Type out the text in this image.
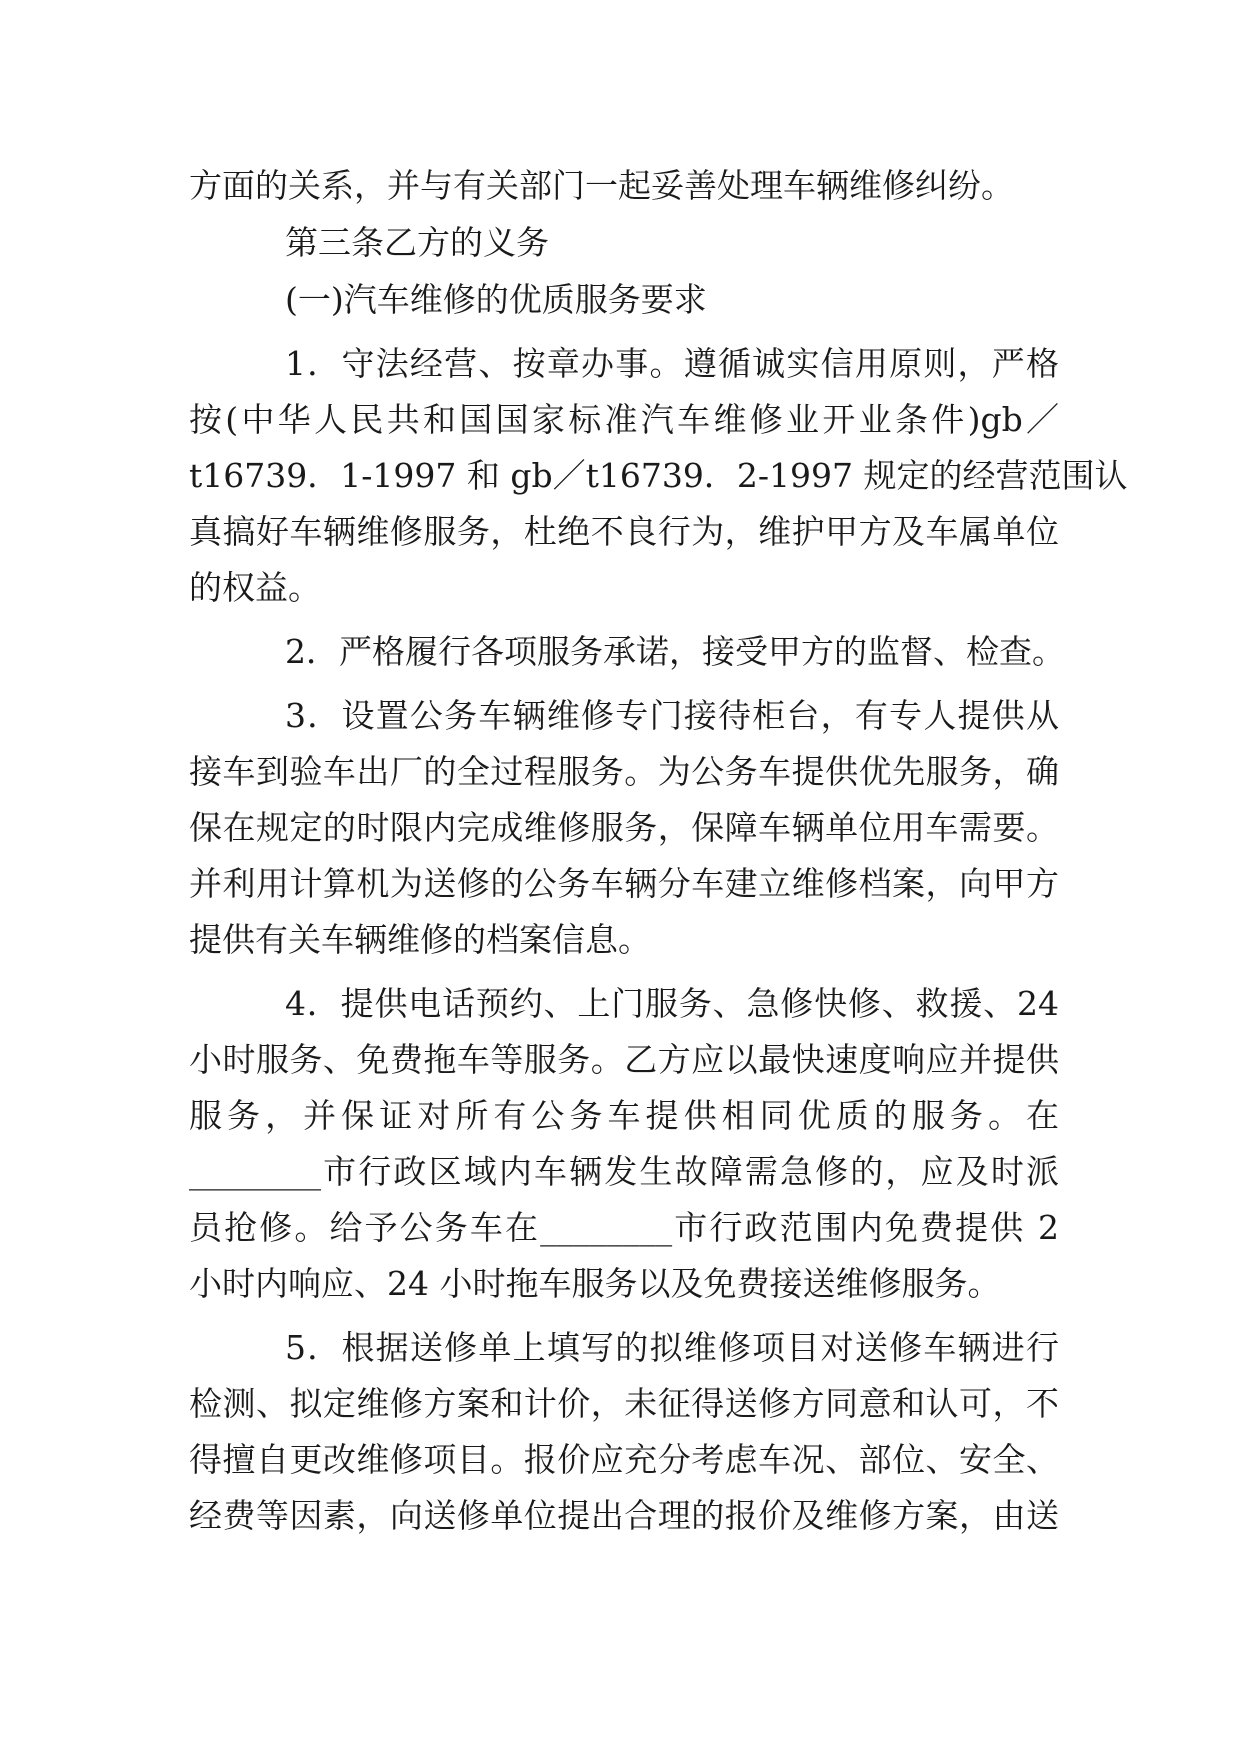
方面的关系，并与有关部门一起妥善处理车辆维修纠纷。
第三条乙方的义务
(一)汽车维修的优质服务要求
1．守法经营、按章办事。遵循诚实信用原则，严格
按(中华人民共和国国家标准汽车维修业开业条件)gb／
t16739．1-1997 和 gb／t16739．2-1997 规定的经营范围认
真搞好车辆维修服务，杜绝不良行为，维护甲方及车属单位
的权益。
2．严格履行各项服务承诺，接受甲方的监督、检查。
3．设置公务车辆维修专门接待柜台，有专人提供从
接车到验车出厂的全过程服务。为公务车提供优先服务，确
保在规定的时限内完成维修服务，保障车辆单位用车需要。
并利用计算机为送修的公务车辆分车建立维修档案，向甲方
提供有关车辆维修的档案信息。
4．提供电话预约、上门服务、急修快修、救援、24
小时服务、免费拖车等服务。乙方应以最快速度响应并提供
服务，并保证对所有公务车提供相同优质的服务。在
________市行政区域内车辆发生故障需急修的，应及时派
员抢修。给予公务车在________市行政范围内免费提供 2
小时内响应、24 小时拖车服务以及免费接送维修服务。
5．根据送修单上填写的拟维修项目对送修车辆进行
检测、拟定维修方案和计价，未征得送修方同意和认可，不
得擅自更改维修项目。报价应充分考虑车况、部位、安全、
经费等因素，向送修单位提出合理的报价及维修方案，由送
